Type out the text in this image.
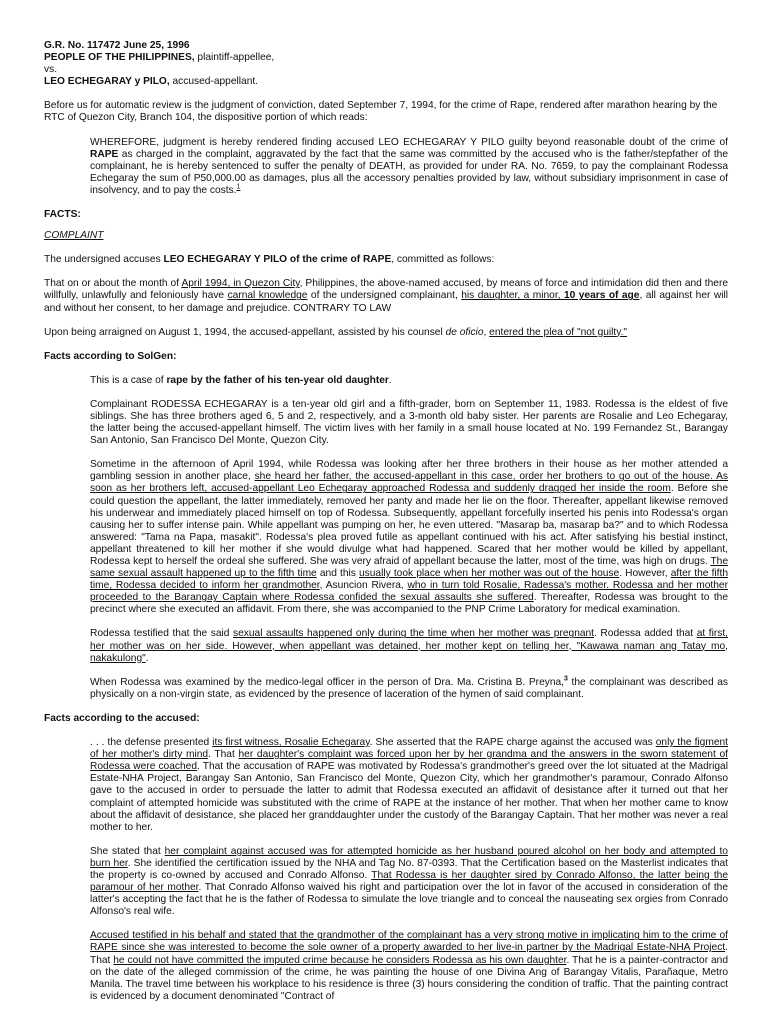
G.R. No. 117472 June 25, 1996

PEOPLE OF THE PHILIPPINES, plaintiff-appellee,

vs.

LEO ECHEGARAY y PILO, accused-appellant.

Before us for automatic review is the judgment of conviction, dated September 7, 1994, for the crime of Rape, rendered after marathon hearing by the RTC of Quezon City, Branch 104, the dispositive portion of which reads:

WHEREFORE, judgment is hereby rendered finding accused LEO ECHEGARAY Y PILO guilty beyond reasonable doubt of the crime of RAPE as charged in the complaint, aggravated by the fact that the same was committed by the accused who is the father/stepfather of the complainant, he is hereby sentenced to suffer the penalty of DEATH, as provided for under RA. No. 7659, to pay the complainant Rodessa Echegaray the sum of P50,000.00 as damages, plus all the accessory penalties provided by law, without subsidiary imprisonment in case of insolvency, and to pay the costs.$^1$

FACTS:

COMPLAINT

The undersigned accuses LEO ECHEGARAY Y PILO of the crime of RAPE, committed as follows:

That on or about the month of April 1994, in Quezon City, Philippines, the above-named accused, by means of force and intimidation did then and there willfully, unlawfully and feloniously have carnal knowledge of the undersigned complainant, his daughter, a minor, 10 years of age, all against her will and without her consent, to her damage and prejudice. CONTRARY TO LAW

Upon being arraigned on August 1, 1994, the accused-appellant, assisted by his counsel de oficio, entered the plea of "not guilty."

Facts according to SolGen:

This is a case of rape by the father of his ten-year old daughter.

Complainant RODESSA ECHEGARAY is a ten-year old girl and a fifth-grader, born on September 11, 1983. Rodessa is the eldest of five siblings. She has three brothers aged 6, 5 and 2, respectively, and a 3-month old baby sister. Her parents are Rosalie and Leo Echegaray, the latter being the accused-appellant himself. The victim lives with her family in a small house located at No. 199 Fernandez St., Barangay San Antonio, San Francisco Del Monte, Quezon City.

Sometime in the afternoon of April 1994, while Rodessa was looking after her three brothers in their house as her mother attended a gambling session in another place, she heard her father, the accused-appellant in this case, order her brothers to go out of the house. As soon as her brothers left, accused-appellant Leo Echegaray approached Rodessa and suddenly dragged her inside the room. Before she could question the appellant, the latter immediately, removed her panty and made her lie on the floor. Thereafter, appellant likewise removed his underwear and immediately placed himself on top of Rodessa. Subsequently, appellant forcefully inserted his penis into Rodessa's organ causing her to suffer intense pain. While appellant was pumping on her, he even uttered. "Masarap ba, masarap ba?" and to which Rodessa answered: "Tama na Papa, masakit". Rodessa's plea proved futile as appellant continued with his act. After satisfying his bestial instinct, appellant threatened to kill her mother if she would divulge what had happened. Scared that her mother would be killed by appellant, Rodessa kept to herself the ordeal she suffered. She was very afraid of appellant because the latter, most of the time, was high on drugs. The same sexual assault happened up to the fifth time and this usually took place when her mother was out of the house. However, after the fifth time, Rodessa decided to inform her grandmother, Asuncion Rivera, who in turn told Rosalie, Radessa's mother. Rodessa and her mother proceeded to the Barangay Captain where Rodessa confided the sexual assaults she suffered. Thereafter, Rodessa was brought to the precinct where she executed an affidavit. From there, she was accompanied to the PNP Crime Laboratory for medical examination.

Rodessa testified that the said sexual assaults happened only during the time when her mother was pregnant. Rodessa added that at first, her mother was on her side. However, when appellant was detained, her mother kept on telling her, "Kawawa naman ang Tatay mo, nakakulong".

When Rodessa was examined by the medico-legal officer in the person of Dra. Ma. Cristina B. Preyna,$^3$ the complainant was described as physically on a non-virgin state, as evidenced by the presence of laceration of the hymen of said complainant.

Facts according to the accused:

. . . the defense presented its first witness, Rosalie Echegaray. She asserted that the RAPE charge against the accused was only the figment of her mother's dirty mind. That her daughter's complaint was forced upon her by her grandma and the answers in the sworn statement of Rodessa were coached. That the accusation of RAPE was motivated by Rodessa's grandmother's greed over the lot situated at the Madrigal Estate-NHA Project, Barangay San Antonio, San Francisco del Monte, Quezon City, which her grandmother's paramour, Conrado Alfonso gave to the accused in order to persuade the latter to admit that Rodessa executed an affidavit of desistance after it turned out that her complaint of attempted homicide was substituted with the crime of RAPE at the instance of her mother. That when her mother came to know about the affidavit of desistance, she placed her granddaughter under the custody of the Barangay Captain. That her mother was never a real mother to her.

She stated that her complaint against accused was for attempted homicide as her husband poured alcohol on her body and attempted to burn her. She identified the certification issued by the NHA and Tag No. 87-0393. That the Certification based on the Masterlist indicates that the property is co-owned by accused and Conrado Alfonso. That Rodessa is her daughter sired by Conrado Alfonso, the latter being the paramour of her mother. That Conrado Alfonso waived his right and participation over the lot in favor of the accused in consideration of the latter's accepting the fact that he is the father of Rodessa to simulate the love triangle and to conceal the nauseating sex orgies from Conrado Alfonso's real wife.

Accused testified in his behalf and stated that the grandmother of the complainant has a very strong motive in implicating him to the crime of RAPE since she was interested to become the sole owner of a property awarded to her live-in partner by the Madrigal Estate-NHA Project. That he could not have committed the imputed crime because he considers Rodessa as his own daughter. That he is a painter-contractor and on the date of the alleged commission of the crime, he was painting the house of one Divina Ang of Barangay Vitalis, Parañaque, Metro Manila. The travel time between his workplace to his residence is three (3) hours considering the condition of traffic. That the painting contract is evidenced by a document denominated "Contract of
